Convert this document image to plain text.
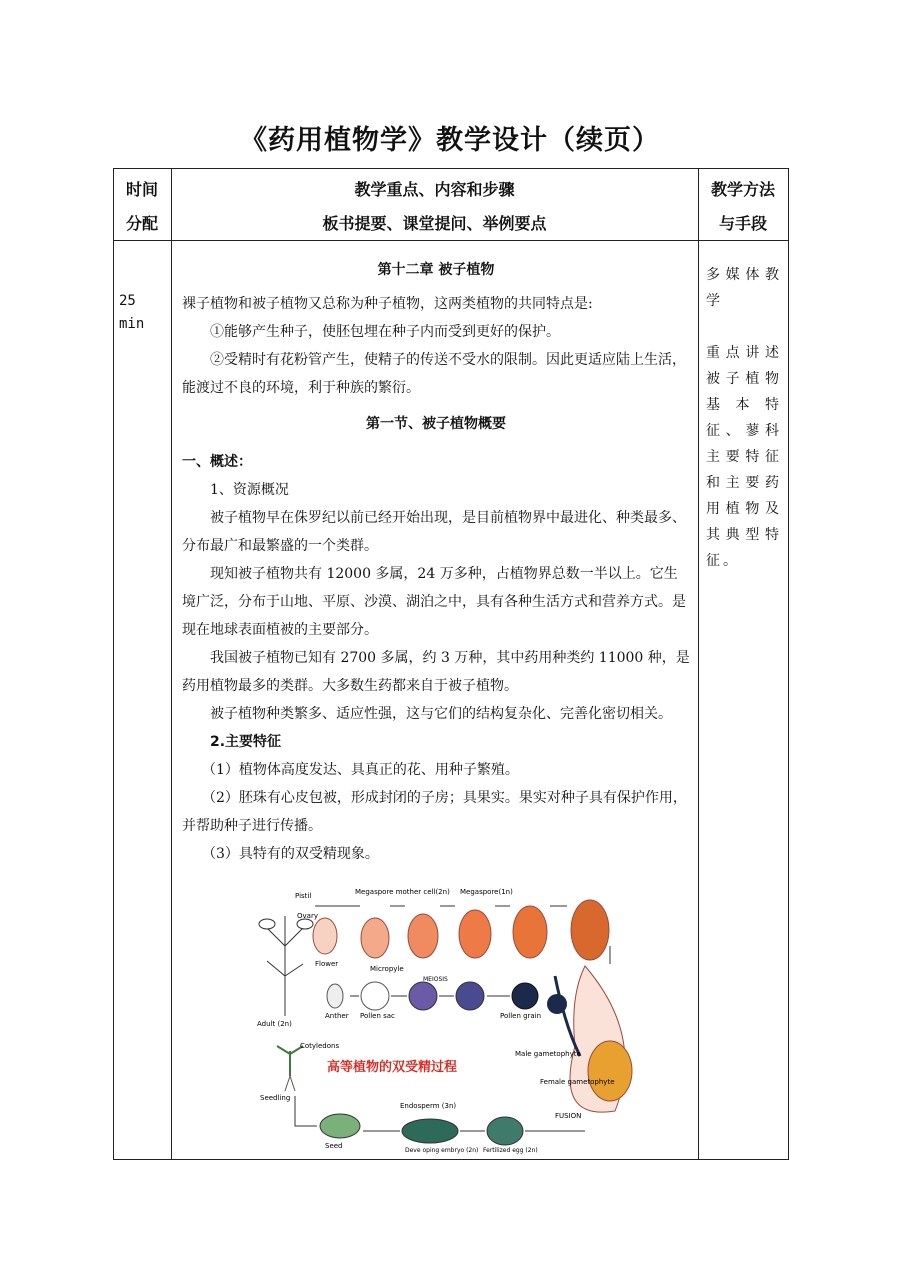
《药用植物学》教学设计（续页）
时间
分配
教学重点、内容和步骤
板书提要、课堂提问、举例要点
教学方法
与手段
25
min

第十二章 被子植物

裸子植物和被子植物又总称为种子植物，这两类植物的共同特点是:

①能够产生种子，使胚包埋在种子内而受到更好的保护。

②受精时有花粉管产生，使精子的传送不受水的限制。因此更适应陆上生活，能渡过不良的环境，利于种族的繁衍。

第一节、被子植物概要

一、概述：

1、资源概况

被子植物早在侏罗纪以前已经开始出现，是目前植物界中最进化、种类最多、分布最广和最繁盛的一个类群。

现知被子植物共有 12000 多属，24 万多种，占植物界总数一半以上。它生境广泛，分布于山地、平原、沙漠、湖泊之中，具有各种生活方式和营养方式。是现在地球表面植被的主要部分。

我国被子植物已知有 2700 多属，约 3 万种，其中药用种类约 11000 种，是药用植物最多的类群。大多数生药都来自于被子植物。

被子植物种类繁多、适应性强，这与它们的结构复杂化、完善化密切相关。

2.主要特征

（1）植物体高度发达、具真正的花、用种子繁殖。

（2）胚珠有心皮包被，形成封闭的子房；具果实。果实对种子具有保护作用，并帮助种子进行传播。

（3）具特有的双受精现象。

多媒体教学

重点讲述被子植物基本特征、蓼科主要特征和主要药用植物及其典型特征。

高等植物的双受精过程
Pistil
Ovary
Megaspore mother cell(2n) Megaspore(1n)
Micropyle
Flower
Anther Pollen sac
MEIOSIS
Pollen grain
Adult (2n)
Cotyledons
Male gametophyte
Female gametophyte
FUSION
Seedling
Endosperm (3n)
Seed
Deve oping embryo (2n) Fertilized egg (2n)
